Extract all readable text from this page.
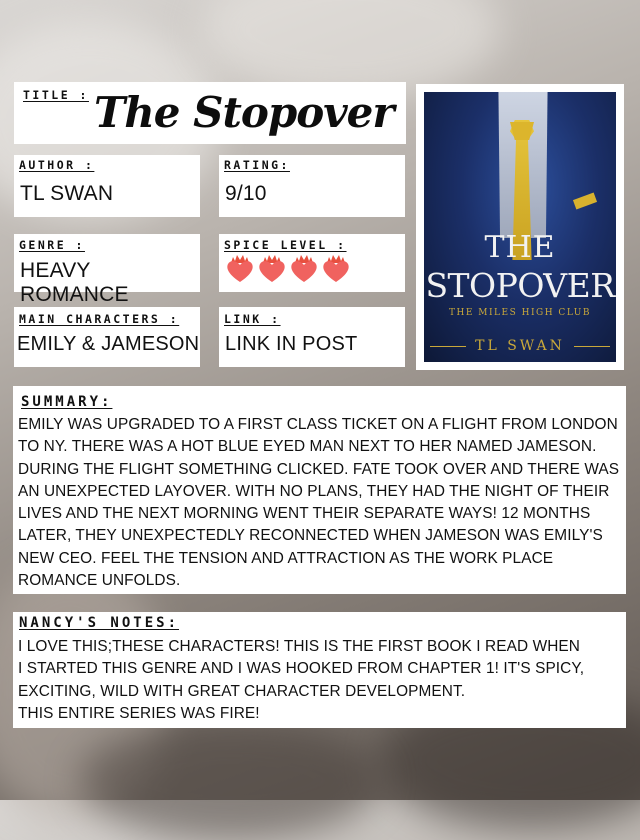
TITLE : The Stopover
AUTHOR :
TL SWAN
RATING:
9/10
GENRE :
HEAVY ROMANCE
SPICE LEVEL :
MAIN CHARACTERS :
EMILY & JAMESON
LINK :
LINK IN POST
THE
STOPOVER
THE MILES HIGH CLUB
TL SWAN
SUMMARY:
EMILY WAS UPGRADED TO A FIRST CLASS TICKET ON A FLIGHT FROM LONDON TO NY. THERE WAS A HOT BLUE EYED MAN NEXT TO HER NAMED JAMESON. DURING THE FLIGHT SOMETHING CLICKED. FATE TOOK OVER AND THERE WAS AN UNEXPECTED LAYOVER. WITH NO PLANS, THEY HAD THE NIGHT OF THEIR LIVES AND THE NEXT MORNING WENT THEIR SEPARATE WAYS! 12 MONTHS LATER, THEY UNEXPECTEDLY RECONNECTED WHEN JAMESON WAS EMILY'S NEW CEO. FEEL THE TENSION AND ATTRACTION AS THE WORK PLACE ROMANCE UNFOLDS.
NANCY'S NOTES:
I LOVE THIS;THESE CHARACTERS! THIS IS THE FIRST BOOK I READ WHEN I STARTED THIS GENRE AND I WAS HOOKED FROM CHAPTER 1! IT'S SPICY, EXCITING, WILD WITH GREAT CHARACTER DEVELOPMENT.
THIS ENTIRE SERIES WAS FIRE!
